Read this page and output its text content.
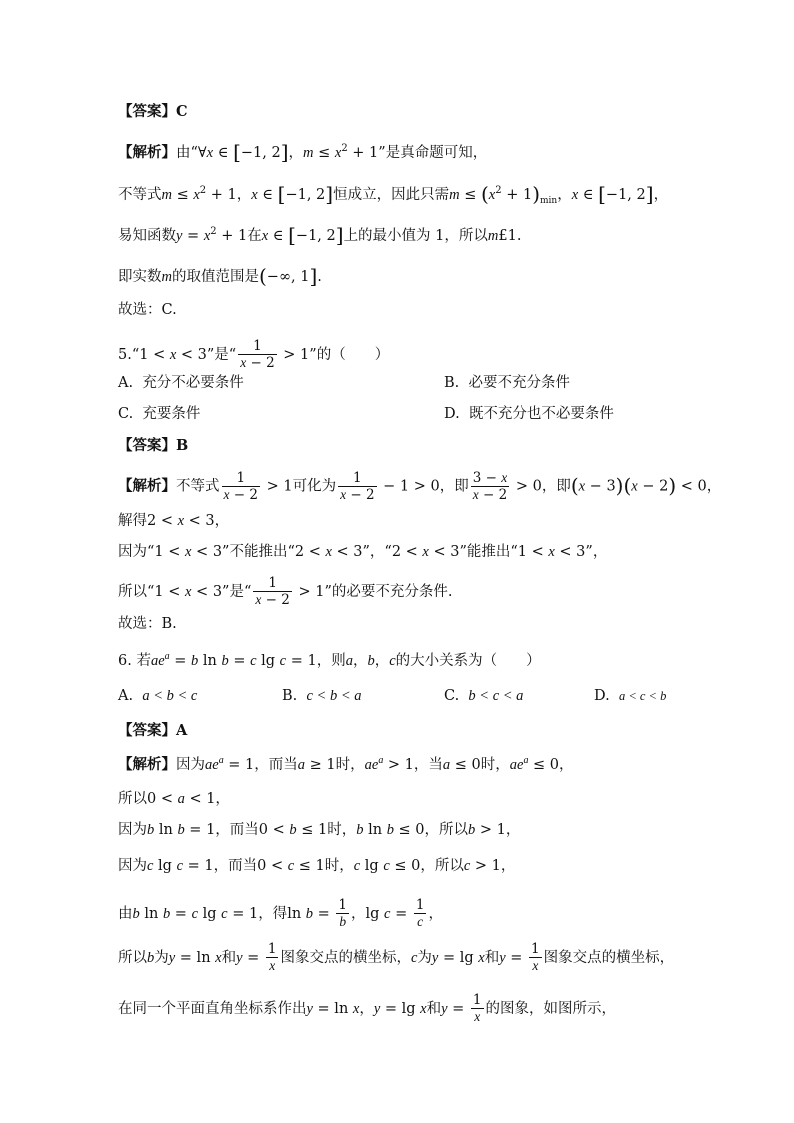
【答案】C
【解析】由“∀x ∈ [−1, 2]，$m \le x^2 + 1$”是真命题可知，
不等式$m \le x^2 + 1$，x ∈ [−1, 2]恒成立，因此只需$m \le (x^2 + 1)_{min}$，x ∈ [−1, 2]，
易知函数$y = x^2 + 1$在x ∈ [−1, 2]上的最小值为 1，所以m£1.
即实数m的取值范围是(−∞, 1].
故选：C.
5.“1 < x < 3”是“ $\frac{1}{x - 2} > 1$”的（　　）
A. 充分不必要条件	B. 必要不充分条件
C. 充要条件	D. 既不充分也不必要条件
【答案】B
【解析】不等式 $\frac{1}{x - 2} > 1$可化为 $\frac{1}{x - 2} - 1 > 0$，即 $\frac{3 - x}{x - 2} > 0$，即(x − 3)(x − 2) < 0，
解得2 < x < 3，
因为“1 < x < 3”不能推出“2 < x < 3”，“2 < x < 3”能推出“1 < x < 3”，
所以“1 < x < 3”是“ $\frac{1}{x - 2} > 1$”的必要不充分条件.
故选：B.
6. 若$ae^a = b$ ln b = c lg c = 1，则a，b，c的大小关系为（　　）
A. a < b < c	B. c < b < a	C. b < c < a	D. a < c < b
【答案】A
【解析】因为$ae^a = 1$，而当a ≥ 1时，$ae^a > 1$，当a ≤ 0时，$ae^a \le 0$，
所以0 < a < 1，
因为b ln b = 1，而当0 < b ≤ 1时，b ln b ≤ 0，所以b > 1，
因为c lg c = 1，而当0 < c ≤ 1时，c lg c ≤ 0，所以c > 1，
由b ln b = c lg c = 1，得$\ln b = \frac{1}{b}$ ，$\lg c = \frac{1}{c}$ ，
所以b为y = ln x和$y = \frac{1}{x}$ 图象交点的横坐标，c为y = lg x和$y = \frac{1}{x}$ 图象交点的横坐标，
在同一个平面直角坐标系作出y = ln x，y = lg x和$y = \frac{1}{x}$ 的图象，如图所示，
